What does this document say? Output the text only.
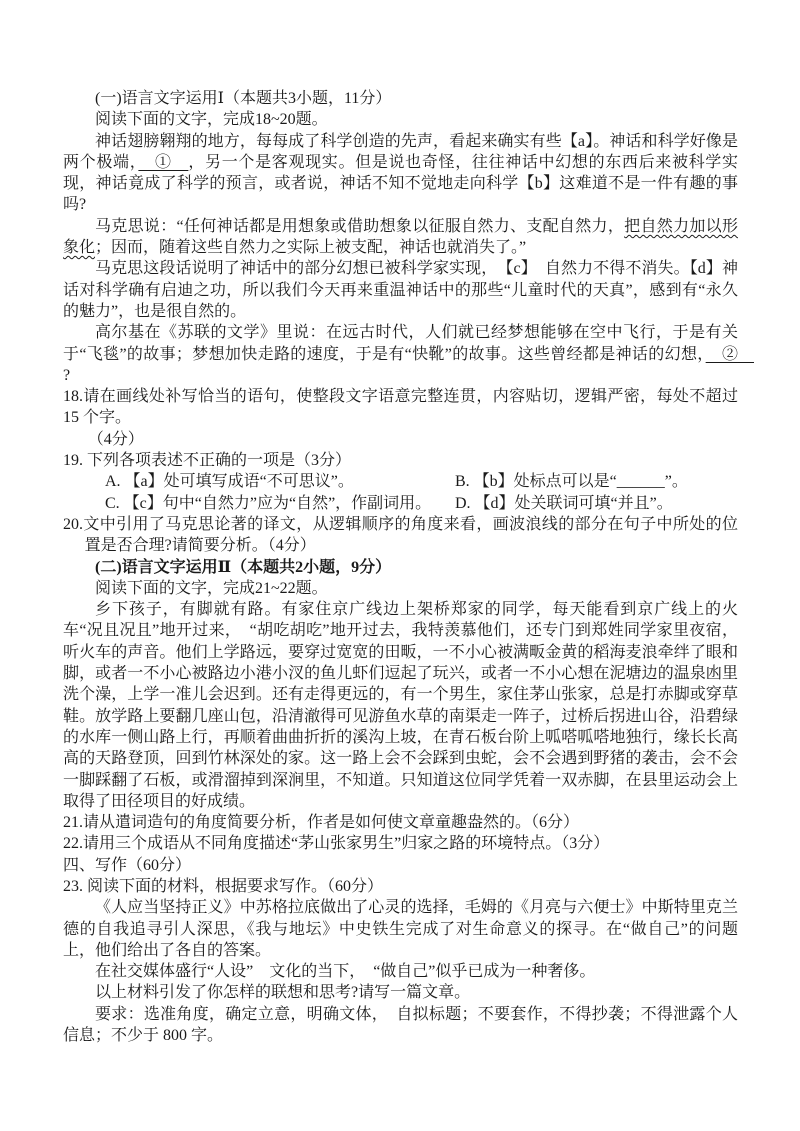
(一)语言文字运用Ⅰ（本题共3小题，11分）
阅读下面的文字，完成18~20题。
神话翅膀翱翔的地方，每每成了科学创造的先声，看起来确实有些【a】。神话和科学好像是两个极端，　①　，另一个是客观现实。但是说也奇怪，往往神话中幻想的东西后来被科学实现，神话竟成了科学的预言，或者说，神话不知不觉地走向科学【b】这难道不是一件有趣的事吗?
马克思说：“任何神话都是用想象或借助想象以征服自然力、支配自然力，把自然力加以形象化；因而，随着这些自然力之实际上被支配，神话也就消失了。”
马克思这段话说明了神话中的部分幻想已被科学家实现，　【c】　自然力不得不消失。【d】神话对科学确有启迪之功，所以我们今天再来重温神话中的那些“儿童时代的天真”，感到有“永久的魅力”，也是很自然的。
高尔基在《苏联的文学》里说：在远古时代，人们就已经梦想能够在空中飞行，于是有关于“飞毯”的故事；梦想加快走路的速度，于是有“快靴”的故事。这些曾经都是神话的幻想，　②　?
18.请在画线处补写恰当的语句，使整段文字语意完整连贯，内容贴切，逻辑严密，每处不超过 15 个字。
（4分）
19. 下列各项表述不正确的一项是（3分）
A. 【a】处可填写成语“不可思议”。	B. 【b】处标点可以是“______”。
C. 【c】句中“自然力”应为“自然”，作副词用。	D. 【d】处关联词可填“并且”。
20.文中引用了马克思论著的译文，从逻辑顺序的角度来看，画波浪线的部分在句子中所处的位置是否合理?请简要分析。（4分）
(二)语言文字运用Ⅱ（本题共2小题，9分）
阅读下面的文字，完成21~22题。
乡下孩子，有脚就有路。有家住京广线边上架桥郑家的同学，每天能看到京广线上的火车“况且况且”地开过来，　“胡吃胡吃”地开过去，我特羡慕他们，还专门到郑姓同学家里夜宿，听火车的声音。他们上学路远，要穿过宽宽的田畈，一不小心被满畈金黄的稻海麦浪牵绊了眼和脚，或者一不小心被路边小港小汊的鱼儿虾们逗起了玩兴，或者一不小心想在泥塘边的温泉凼里洗个澡，上学一准儿会迟到。还有走得更远的，有一个男生，家住茅山张家，总是打赤脚或穿草鞋。放学路上要翻几座山包，沿清澈得可见游鱼水草的南渠走一阵子，过桥后拐进山谷，沿碧绿的水库一侧山路上行，再顺着曲曲折折的溪沟上坡，在青石板台阶上呱嗒呱嗒地独行，缘长长高高的天路登顶，回到竹林深处的家。这一路上会不会踩到虫蛇，会不会遇到野猪的袭击，会不会一脚踩翻了石板，或滑溜掉到深涧里，不知道。只知道这位同学凭着一双赤脚，在县里运动会上取得了田径项目的好成绩。
21.请从遣词造句的角度简要分析，作者是如何使文章童趣盎然的。（6分）
22.请用三个成语从不同角度描述“茅山张家男生”归家之路的环境特点。（3分）
四、写作（60分）
23. 阅读下面的材料，根据要求写作。（60分）
《人应当坚持正义》中苏格拉底做出了心灵的选择，毛姆的《月亮与六便士》中斯特里克兰德的自我追寻引人深思，《我与地坛》中史铁生完成了对生命意义的探寻。在“做自己”的问题上，他们给出了各自的答案。
在社交媒体盛行“人设”　文化的当下，　“做自己”似乎已成为一种奢侈。
以上材料引发了你怎样的联想和思考?请写一篇文章。
要求：选准角度，确定立意，明确文体，　自拟标题；不要套作，不得抄袭；不得泄露个人信息；不少于 800 字。
